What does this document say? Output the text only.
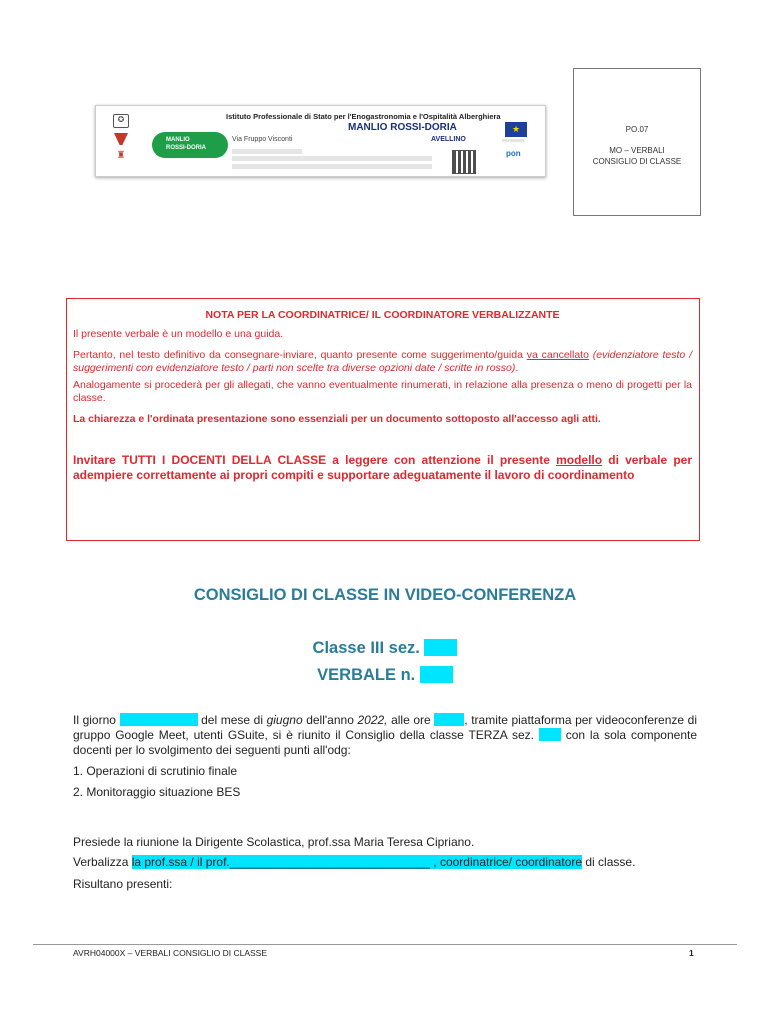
✪
♜
MANLIO
ROSSI-DORIA
Istituto Professionale di Stato per l'Enogastronomia e l'Ospitalità Alberghiera
MANLIO ROSSI-DORIA
Via Fruppo Visconti	AVELLINO
★
pon
PO.07
MO – VERBALI
CONSIGLIO DI CLASSE
NOTA PER LA COORDINATRICE/ IL COORDINATORE VERBALIZZANTE
Il presente verbale è un modello e una guida.
Pertanto, nel testo definitivo da consegnare-inviare, quanto presente come suggerimento/guida va cancellato (evidenziatore testo / suggerimenti con evidenziatore testo / parti non scelte tra diverse opzioni date / scritte in rosso).
Analogamente si procederà per gli allegati, che vanno eventualmente rinumerati, in relazione alla presenza o meno di progetti per la classe.
La chiarezza e l'ordinata presentazione sono essenziali per un documento sottoposto all'accesso agli atti.
Invitare TUTTI I DOCENTI DELLA CLASSE a leggere con attenzione il presente modello di verbale per adempiere correttamente ai propri compiti e supportare adeguatamente il lavoro di coordinamento
CONSIGLIO DI CLASSE IN VIDEO-CONFERENZA
Classe III sez.
VERBALE n.
Il giorno	del mese di giugno dell'anno 2022, alle ore	, tramite piattaforma per videoconferenze di gruppo Google Meet, utenti GSuite, si è riunito il Consiglio della classe TERZA sez.  con la sola componente docenti per lo svolgimento dei seguenti punti all'odg:
1. Operazioni di scrutinio finale
2. Monitoraggio situazione BES
Presiede la riunione la Dirigente Scolastica, prof.ssa Maria Teresa Cipriano.
Verbalizza la prof.ssa / il prof.______________________________ , coordinatrice/ coordinatore di classe.
Risultano presenti:
AVRH04000X – VERBALI CONSIGLIO DI CLASSE	1
